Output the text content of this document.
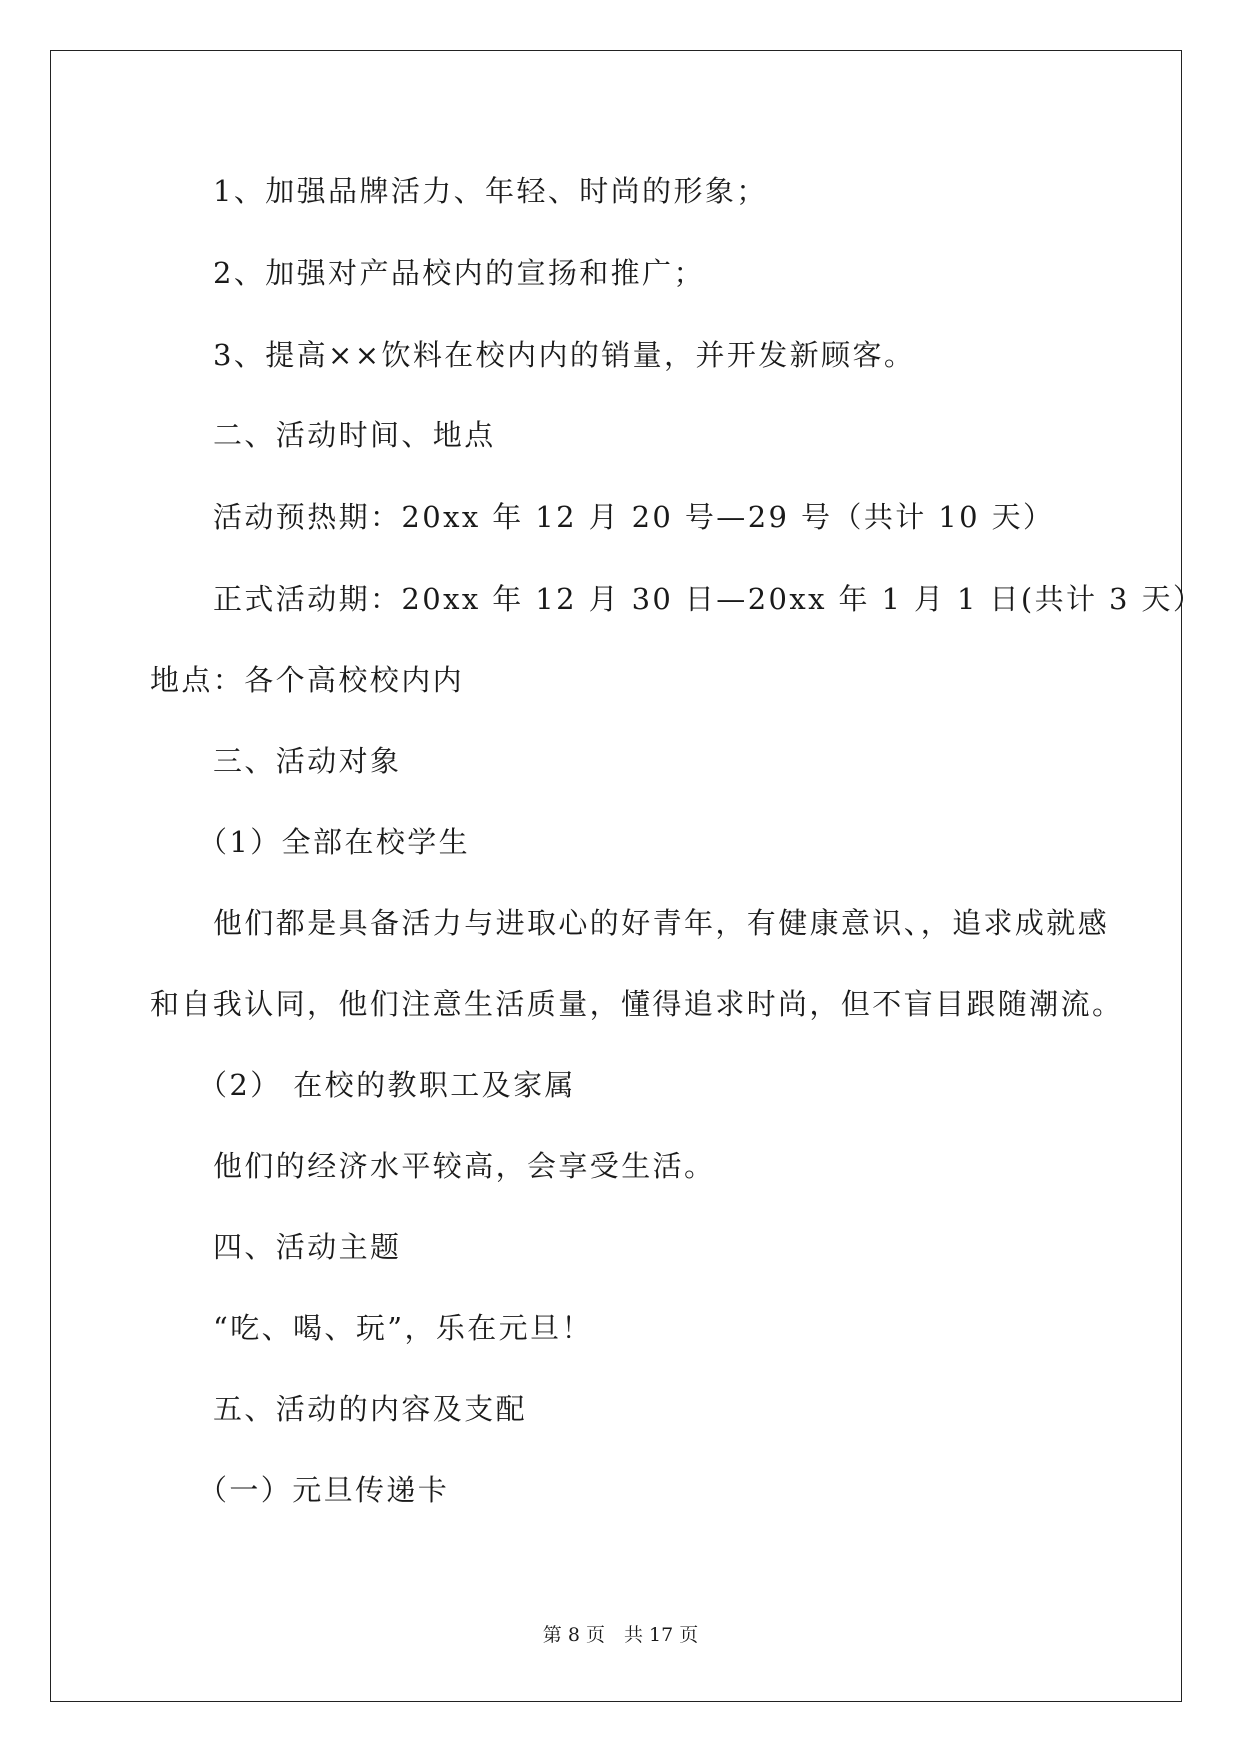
1、加强品牌活力、年轻、时尚的形象；
2、加强对产品校内的宣扬和推广；
3、提高××饮料在校内内的销量，并开发新顾客。
二、活动时间、地点
活动预热期：20xx 年 12 月 20 号—29 号（共计 10 天）
正式活动期：20xx 年 12 月 30 日—20xx 年 1 月 1 日(共计 3 天）
地点：各个高校校内内
三、活动对象
（1）全部在校学生
他们都是具备活力与进取心的好青年，有健康意识、，追求成就感
和自我认同，他们注意生活质量，懂得追求时尚，但不盲目跟随潮流。
（2） 在校的教职工及家属
他们的经济水平较高，会享受生活。
四、活动主题
“吃、喝、玩”，乐在元旦！
五、活动的内容及支配
（一）元旦传递卡
第 8 页　共 17 页
